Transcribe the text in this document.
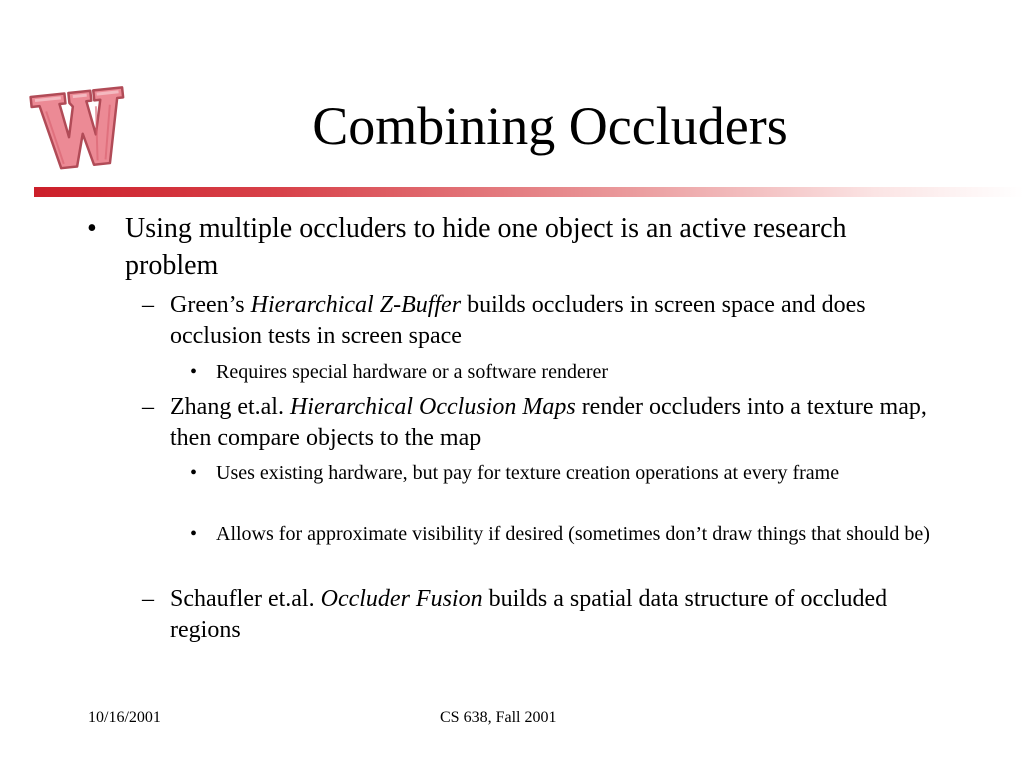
Combining Occluders
• Using multiple occluders to hide one object is an active research problem
– Green’s Hierarchical Z-Buffer builds occluders in screen space and does occlusion tests in screen space
• Requires special hardware or a software renderer
– Zhang et.al. Hierarchical Occlusion Maps render occluders into a texture map, then compare objects to the map
• Uses existing hardware, but pay for texture creation operations at every frame
• Allows for approximate visibility if desired (sometimes don’t draw things that should be)
– Schaufler et.al. Occluder Fusion builds a spatial data structure of occluded regions
10/16/2001	CS 638, Fall 2001
